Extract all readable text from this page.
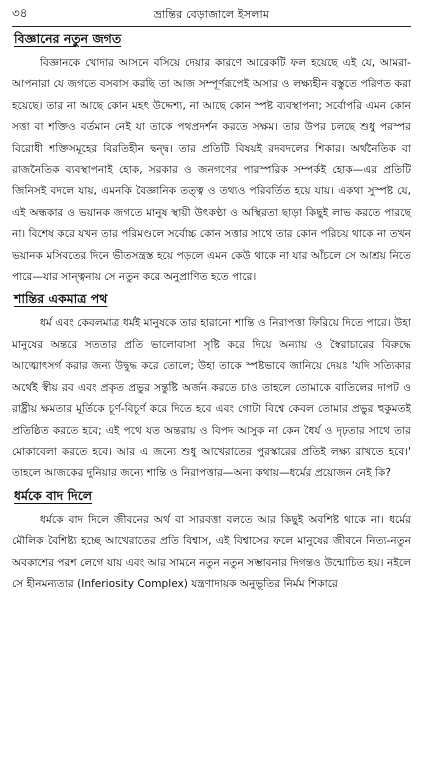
৩৪	ভ্রান্তির বেড়াজালে ইসলাম
বিজ্ঞানের নতুন জগত

বিজ্ঞানকে খোদার আসনে বসিয়ে দেয়ার কারণে আরেকটি ফল হয়েছে এই যে, আমরা-আপনারা যে জগতে বসবাস করছি তা আজ সম্পূর্ণরূপেই অসার ও লক্ষ্যহীন বস্তুতে পরিণত করা হয়েছে। তার না আছে কোন মহৎ উদ্দেশ্য, না আছে কোন স্পষ্ট ব্যবস্থাপনা; সর্বোপরি এমন কোন সত্তা বা শক্তিও বর্তমান নেই যা তাকে পথপ্রদর্শন করতে সক্ষম। তার উপর চলছে শুধু পরস্পর বিরোধী শক্তিসমূহের বিরতিহীন দ্বন্দ্ব। তার প্রতিটি বিষয়ই রদবদলের শিকার। অর্থনৈতিক বা রাজনৈতিক ব্যবস্থাপনাই হোক, সরকার ও জনগণের পারস্পরিক সম্পর্কই হোক—এর প্রতিটি জিনিসই বদলে যায়, এমনকি বৈজ্ঞানিক তত্ত্ব ও তথ্যও পরিবর্তিত হয়ে যায়। একথা সুস্পষ্ট যে, এই অন্ধকার ও ভয়ানক জগতে মানুষ স্থায়ী উৎকণ্ঠা ও অস্থিরতা ছাড়া কিছুই লাভ করতে পারছে না। বিশেষ করে যখন তার পরিমণ্ডলে সর্বোচ্চ কোন সত্তার সাথে তার কোন পরিচয় থাকে না তখন ভয়ানক মসিবতের দিনে ভীতসন্ত্রস্ত হয়ে পড়লে এমন কেউ থাকে না যার আঁচলে সে আশ্রয় নিতে পারে—যার সান্ত্বনায় সে নতুন করে অনুপ্রাণিত হতে পারে।

শান্তির একমাত্র পথ

ধর্ম এবং কেবলমাত্র ধর্মই মানুষকে তার হারানো শান্তি ও নিরাপত্তা ফিরিয়ে দিতে পারে। উহা মানুষের অন্তরে সততার প্রতি ভালোবাসা সৃষ্টি করে দিয়ে অন্যায় ও স্বৈরাচারের বিরুদ্ধে আত্মোৎসর্গ করার জন্য উদ্বুদ্ধ করে তোলে; উহা তাকে স্পষ্টভাবে জানিয়ে দেয়ঃ 'যদি সত্যিকার অর্থেই স্বীয় রব এবং প্রকৃত প্রভুর সন্তুষ্টি অর্জন করতে চাও তাহলে তোমাকে বাতিলের দাপট ও রাষ্ট্রীয় ক্ষমতার মূর্তিকে চূর্ণ-বিচূর্ণ করে দিতে হবে এবং গোটা বিশ্বে কেবল তোমার প্রভুর হুকুমতই প্রতিষ্ঠিত করতে হবে; এই পথে যত অন্তরায় ও বিপদ আসুক না কেন ধৈর্য ও দৃঢ়তার সাথে তার মোকাবেলা করতে হবে। আর এ জন্যে শুধু আখেরাতের পুরস্কারের প্রতিই লক্ষ্য রাখতে হবে।' তাহলে আজকের দুনিয়ার জন্যে শান্তি ও নিরাপত্তার—অন্য কথায়—ধর্মের প্রয়োজন নেই কি?

ধর্মকে বাদ দিলে

ধর্মকে বাদ দিলে জীবনের অর্থ বা সারবত্তা বলতে আর কিছুই অবশিষ্ট থাকে না। ধর্মের মৌলিক বৈশিষ্ট্য হচ্ছে আখেরাতের প্রতি বিশ্বাস, এই বিশ্বাসের ফলে মানুষের জীবনে নিত্য-নতুন অবকাশের পরশ লেগে যায় এবং আর সামনে নতুন নতুন সম্ভাবনার দিগন্তও উন্মোচিত হয়। নইলে সে হীনমন্যতার (Inferiosity Complex) যন্ত্রণাদায়ক অনুভূতির নির্মম শিকারে
